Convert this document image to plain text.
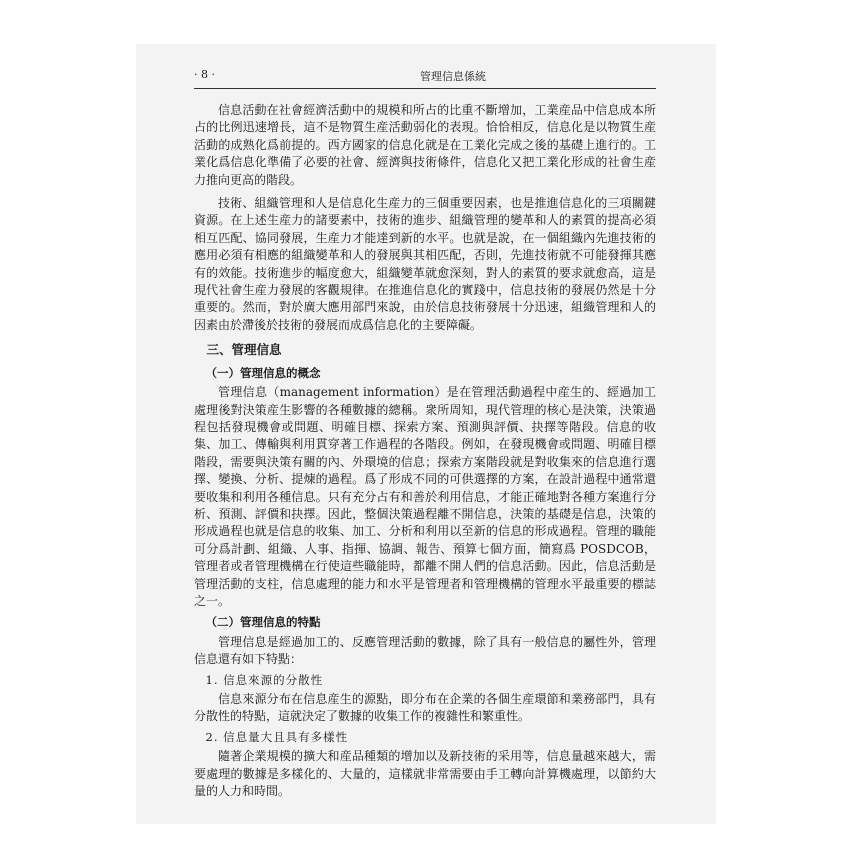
· 8 ·	管理信息係統

信息活動在社會經濟活動中的規模和所占的比重不斷增加，工業産品中信息成本所占的比例迅速增長，這不是物質生産活動弱化的表現。恰恰相反，信息化是以物質生産活動的成熟化爲前提的。西方國家的信息化就是在工業化完成之後的基礎上進行的。工業化爲信息化準備了必要的社會、經濟與技術條件，信息化又把工業化形成的社會生産力推向更高的階段。

技術、組織管理和人是信息化生産力的三個重要因素，也是推進信息化的三項關鍵資源。在上述生産力的諸要素中，技術的進步、組織管理的變革和人的素質的提高必須相互匹配、協同發展，生産力才能達到新的水平。也就是說，在一個組織內先進技術的應用必須有相應的組織變革和人的發展與其相匹配，否則，先進技術就不可能發揮其應有的效能。技術進步的幅度愈大，組織變革就愈深刻，對人的素質的要求就愈高，這是現代社會生産力發展的客觀規律。在推進信息化的實踐中，信息技術的發展仍然是十分重要的。然而，對於廣大應用部門來說，由於信息技術發展十分迅速，組織管理和人的因素由於滯後於技術的發展而成爲信息化的主要障礙。

三、管理信息
（一）管理信息的概念

管理信息（management information）是在管理活動過程中産生的、經過加工處理後對決策産生影響的各種數據的總稱。衆所周知，現代管理的核心是決策，決策過程包括發現機會或問題、明確目標、探索方案、預測與評價、抉擇等階段。信息的收集、加工、傳輸與利用貫穿著工作過程的各階段。例如，在發現機會或問題、明確目標階段，需要與決策有關的內、外環境的信息；探索方案階段就是對收集來的信息進行選擇、變換、分析、提煉的過程。爲了形成不同的可供選擇的方案，在設計過程中通常還要收集和利用各種信息。只有充分占有和善於利用信息，才能正確地對各種方案進行分析、預測、評價和抉擇。因此，整個決策過程離不開信息，決策的基礎是信息，決策的形成過程也就是信息的收集、加工、分析和利用以至新的信息的形成過程。管理的職能可分爲計劃、組織、人事、指揮、協調、報告、預算七個方面，簡寫爲 POSDCOB，管理者或者管理機構在行使這些職能時，都離不開人們的信息活動。因此，信息活動是管理活動的支柱，信息處理的能力和水平是管理者和管理機構的管理水平最重要的標誌之一。

（二）管理信息的特點

管理信息是經過加工的、反應管理活動的數據，除了具有一般信息的屬性外，管理信息還有如下特點：

1. 信息來源的分散性

信息來源分布在信息産生的源點，即分布在企業的各個生産環節和業務部門，具有分散性的特點，這就決定了數據的收集工作的複雜性和繁重性。

2. 信息量大且具有多樣性

隨著企業規模的擴大和産品種類的增加以及新技術的采用等，信息量越來越大，需要處理的數據是多樣化的、大量的，這樣就非常需要由手工轉向計算機處理，以節約大量的人力和時間。
